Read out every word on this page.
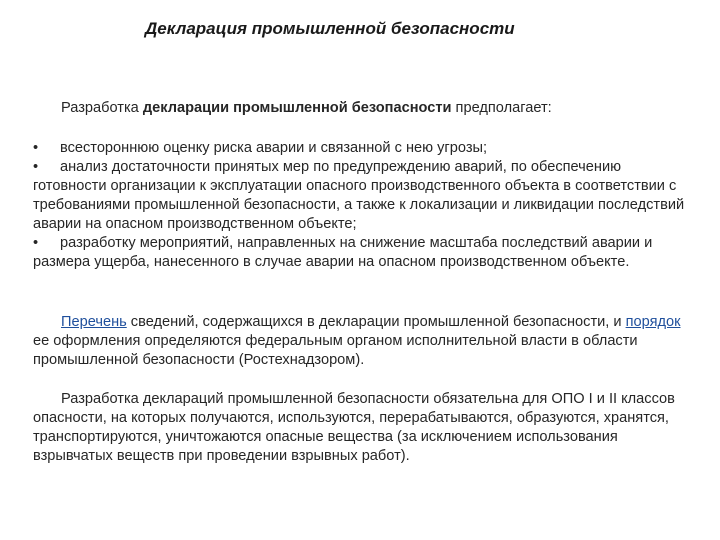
Декларация промышленной безопасности
Разработка декларации промышленной безопасности предполагает:
• всестороннюю оценку риска аварии и связанной с нею угрозы;
• анализ достаточности принятых мер по предупреждению аварий, по обеспечению готовности организации к эксплуатации опасного производственного объекта в соответствии с требованиями промышленной безопасности, а также к локализации и ликвидации последствий аварии на опасном производственном объекте;
• разработку мероприятий, направленных на снижение масштаба последствий аварии и размера ущерба, нанесенного в случае аварии на опасном производственном объекте.
Перечень сведений, содержащихся в декларации промышленной безопасности, и порядок ее оформления определяются федеральным органом исполнительной власти в области промышленной безопасности (Ростехнадзором).
Разработка деклараций промышленной безопасности обязательна для ОПО I и II классов опасности, на которых получаются, используются, перерабатываются, образуются, хранятся, транспортируются, уничтожаются опасные вещества (за исключением использования взрывчатых веществ при проведении взрывных работ).
